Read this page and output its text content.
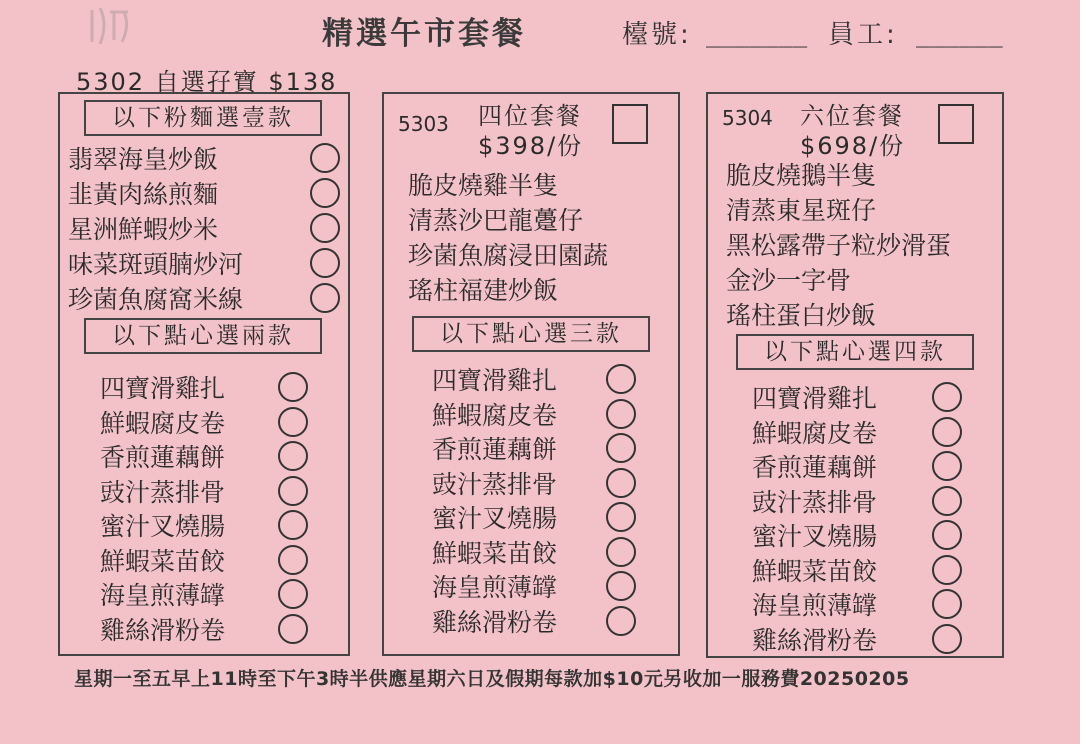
精選午市套餐	檯號: _______ 員工: ______
5302 自選孖寶 $138
以下粉麵選壹款
翡翠海皇炒飯
韭黃肉絲煎麵
星洲鮮蝦炒米
味菜斑頭腩炒河
珍菌魚腐窩米線
以下點心選兩款
四寶滑雞扎
鮮蝦腐皮卷
香煎蓮藕餅
豉汁蒸排骨
蜜汁叉燒腸
鮮蝦菜苗餃
海皇煎薄罉
雞絲滑粉卷
5303 四位套餐
$398/份
脆皮燒雞半隻
清蒸沙巴龍躉仔
珍菌魚腐浸田園蔬
瑤柱福建炒飯
以下點心選三款
四寶滑雞扎
鮮蝦腐皮卷
香煎蓮藕餅
豉汁蒸排骨
蜜汁叉燒腸
鮮蝦菜苗餃
海皇煎薄罉
雞絲滑粉卷
5304 六位套餐
$698/份
脆皮燒鵝半隻
清蒸東星斑仔
黑松露帶子粒炒滑蛋
金沙一字骨
瑤柱蛋白炒飯
以下點心選四款
四寶滑雞扎
鮮蝦腐皮卷
香煎蓮藕餅
豉汁蒸排骨
蜜汁叉燒腸
鮮蝦菜苗餃
海皇煎薄罉
雞絲滑粉卷
星期一至五早上11時至下午3時半供應星期六日及假期每款加$10元另收加一服務費20250205
